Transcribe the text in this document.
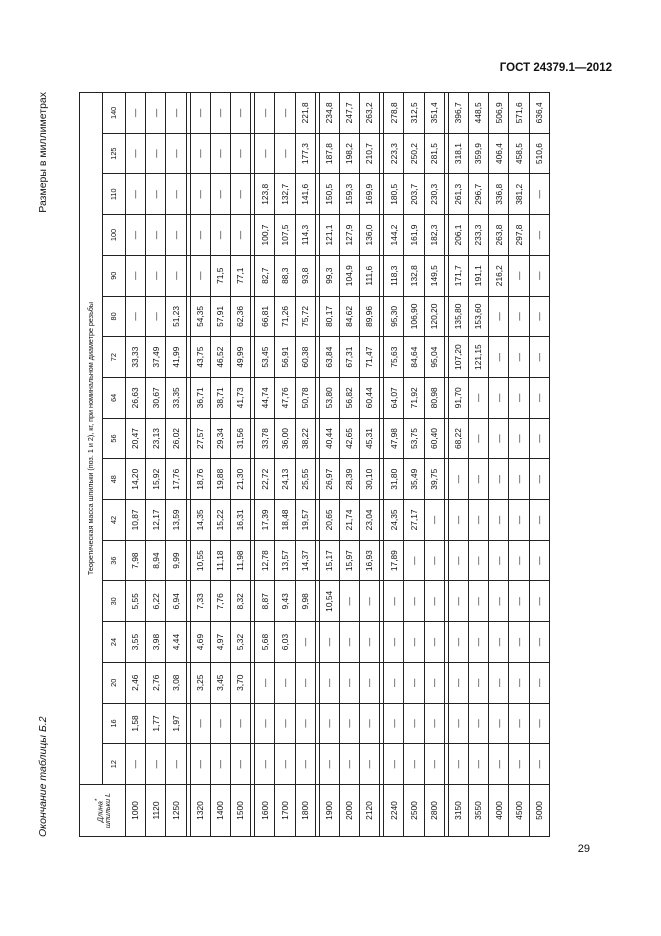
ГОСТ 24379.1—2012
Окончание таблицы Б.2
Размеры в миллиметрах
Длина* шпильки L	Теоретическая масса шпильки (поз. 1 и 2), кг, при номинальном диаметре резьбы																
	12	16	20	24	30	36	42	48	56	64	72	80	90	100	110	125	140
1000	—	1,58	2,46	3,55	5,55	7,98	10,87	14,20	20,47	26,63	33,33	—	—	—	—	—	—
1120	—	1,77	2,76	3,98	6,22	8,94	12,17	15,92	23,13	30,67	37,49	—	—	—	—	—	—
1250	—	1,97	3,08	4,44	6,94	9,99	13,59	17,76	26,02	33,35	41,99	51,23	—	—	—	—	—

1320	—	—	3,25	4,69	7,33	10,55	14,35	18,76	27,57	36,71	43,75	54,35	—	—	—	—	—
1400	—	—	3,45	4,97	7,76	11,18	15,22	19,88	29,34	38,71	46,52	57,91	71,5	—	—	—	—
1500	—	—	3,70	5,32	8,32	11,98	16,31	21,30	31,56	41,73	49,99	62,36	77,1	—	—	—	—

1600	—	—	—	5,68	8,87	12,78	17,39	22,72	33,78	44,74	53,45	66,81	82,7	100,7	123,8	—	—
1700	—	—	—	6,03	9,43	13,57	18,48	24,13	36,00	47,76	56,91	71,26	88,3	107,5	132,7	—	—
1800	—	—	—	—	9,98	14,37	19,57	25,55	38,22	50,78	60,38	75,72	93,8	114,3	141,6	177,3	221,8

1900	—	—	—	—	10,54	15,17	20,65	26,97	40,44	53,80	63,84	80,17	99,3	121,1	150,5	187,8	234,8
2000	—	—	—	—	—	15,97	21,74	28,39	42,65	56,82	67,31	84,62	104,9	127,9	159,3	198,2	247,7
2120	—	—	—	—	—	16,93	23,04	30,10	45,31	60,44	71,47	89,96	111,6	136,0	169,9	210,7	263,2

2240	—	—	—	—	—	17,89	24,35	31,80	47,98	64,07	75,63	95,30	118,3	144,2	180,5	223,3	278,8
2500	—	—	—	—	—	—	27,17	35,49	53,75	71,92	84,64	106,90	132,8	161,9	203,7	250,2	312,5
2800	—	—	—	—	—	—	—	39,75	60,40	80,98	95,04	120,20	149,5	182,3	230,3	281,5	351,4

3150	—	—	—	—	—	—	—	—	68,22	91,70	107,20	135,80	171,7	206,1	261,3	318,1	396,7
3550	—	—	—	—	—	—	—	—	—	—	121,15	153,60	191,1	233,3	296,7	359,9	448,5
4000	—	—	—	—	—	—	—	—	—	—	—	—	216,2	263,8	336,8	406,4	506,9
4500	—	—	—	—	—	—	—	—	—	—	—	—	—	297,8	381,2	458,5	571,6
5000	—	—	—	—	—	—	—	—	—	—	—	—	—	—	—	510,6	636,4
29
